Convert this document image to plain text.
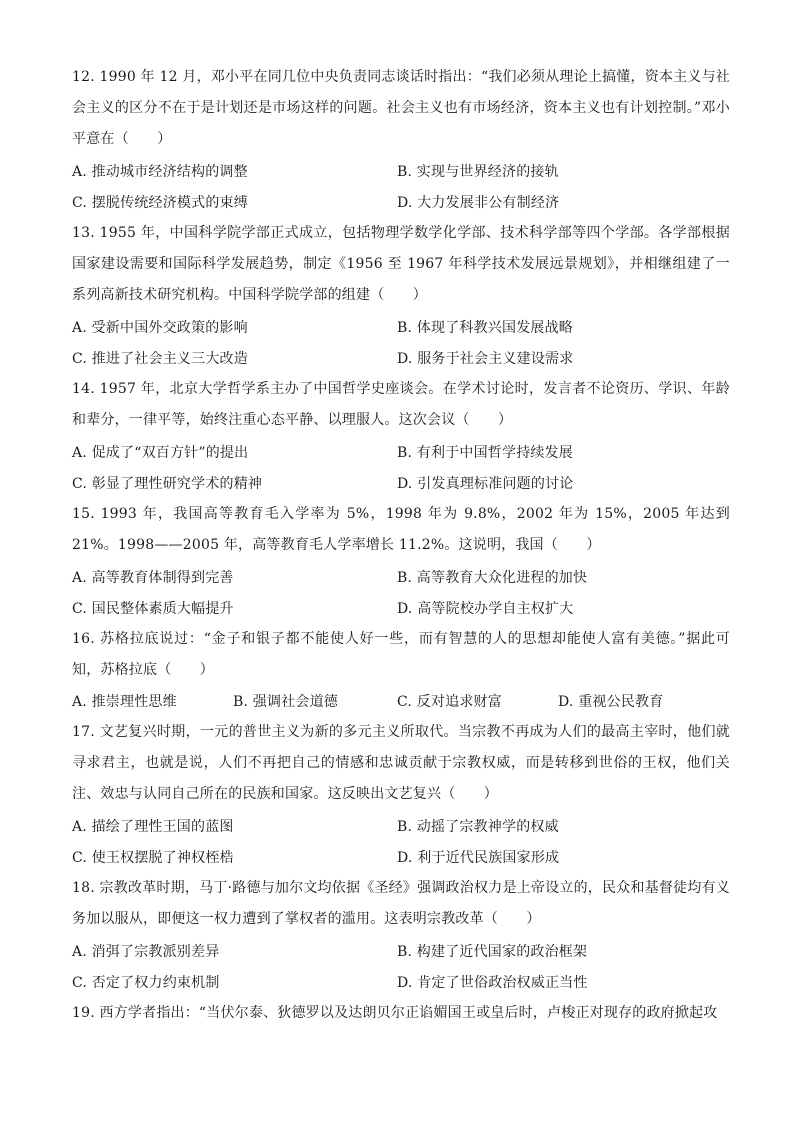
12. 1990 年 12 月，邓小平在同几位中央负责同志谈话时指出：“我们必须从理论上搞懂，资本主义与社会主义的区分不在于是计划还是市场这样的问题。社会主义也有市场经济，资本主义也有计划控制。”邓小平意在（　　）

A. 推动城市经济结构的调整	B. 实现与世界经济的接轨
C. 摆脱传统经济模式的束缚	D. 大力发展非公有制经济

13. 1955 年，中国科学院学部正式成立，包括物理学数学化学部、技术科学部等四个学部。各学部根据国家建设需要和国际科学发展趋势，制定《1956 至 1967 年科学技术发展远景规划》，并相继组建了一系列高新技术研究机构。中国科学院学部的组建（　　）

A. 受新中国外交政策的影响	B. 体现了科教兴国发展战略
C. 推进了社会主义三大改造	D. 服务于社会主义建设需求

14. 1957 年，北京大学哲学系主办了中国哲学史座谈会。在学术讨论时，发言者不论资历、学识、年龄和辈分，一律平等，始终注重心态平静、以理服人。这次会议（　　）

A. 促成了“双百方针”的提出	B. 有利于中国哲学持续发展
C. 彰显了理性研究学术的精神	D. 引发真理标准问题的讨论

15. 1993 年，我国高等教育毛入学率为 5%，1998 年为 9.8%，2002 年为 15%，2005 年达到 21%。1998——2005 年，高等教育毛人学率增长 11.2%。这说明，我国（　　）

A. 高等教育体制得到完善	B. 高等教育大众化进程的加快
C. 国民整体素质大幅提升	D. 高等院校办学自主权扩大

16. 苏格拉底说过：“金子和银子都不能使人好一些，而有智慧的人的思想却能使人富有美德。”据此可知，苏格拉底（　　）

A. 推崇理性思维	B. 强调社会道德	C. 反对追求财富	D. 重视公民教育

17. 文艺复兴时期，一元的普世主义为新的多元主义所取代。当宗教不再成为人们的最高主宰时，他们就寻求君主，也就是说，人们不再把自己的情感和忠诚贡献于宗教权威，而是转移到世俗的王权，他们关注、效忠与认同自己所在的民族和国家。这反映出文艺复兴（　　）

A. 描绘了理性王国的蓝图	B. 动摇了宗教神学的权威
C. 使王权摆脱了神权桎梏	D. 利于近代民族国家形成

18. 宗教改革时期，马丁·路德与加尔文均依据《圣经》强调政治权力是上帝设立的，民众和基督徒均有义务加以服从，即便这一权力遭到了掌权者的滥用。这表明宗教改革（　　）

A. 消弭了宗教派别差异	B. 构建了近代国家的政治框架
C. 否定了权力约束机制	D. 肯定了世俗政治权威正当性

19. 西方学者指出：“当伏尔泰、狄德罗以及达朗贝尔正谄媚国王或皇后时，卢梭正对现存的政府掀起攻
